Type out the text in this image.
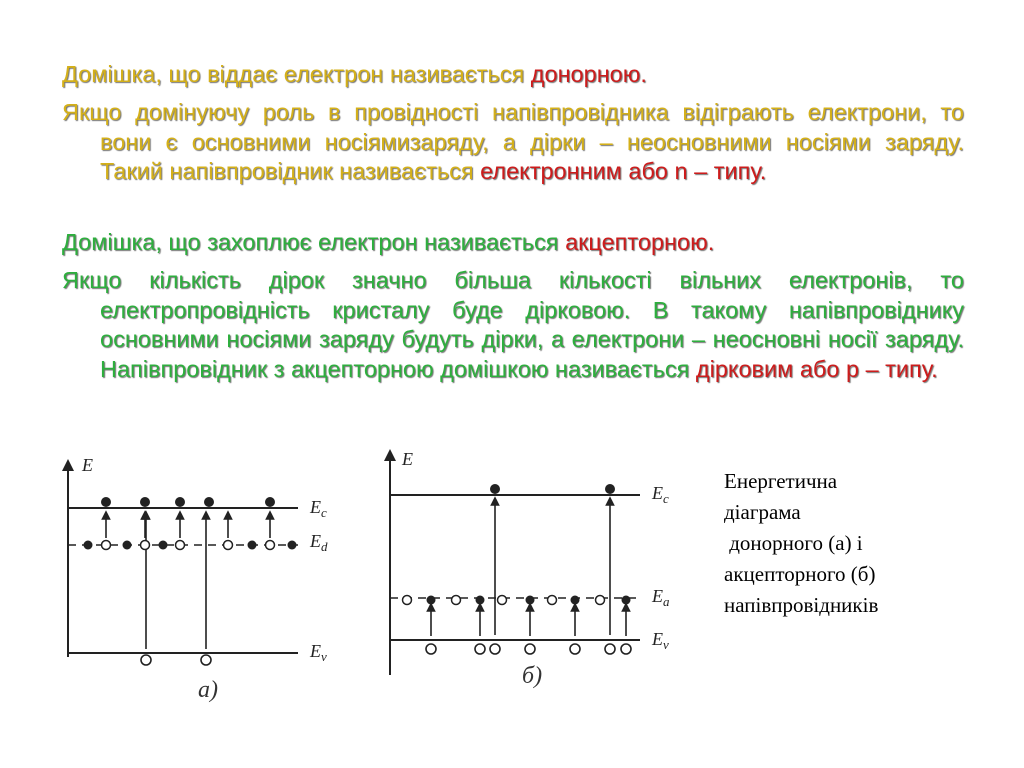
Домішка, що віддає електрон називається донорною.
Якщо домінуючу роль в провідності напівпровідника відіграють електрони, то вони є основними носіямизаряду, а дірки – неосновними носіями заряду. Такий напівпровідник називається електронним або n – типу.
Домішка, що захоплює електрон називається акцепторною.
Якщо кількість дірок значно більша кількості вільних електронів, то електропровідність кристалу буде дірковою. В такому напівпровіднику основними носіями заряду будуть дірки, а електрони – неосновні носії заряду. Напівпровідник з акцепторною домішкою називається дірковим або р – типу.
E
$E_c$
$E_d$
$E_v$
а)
E
$E_c$
$E_a$
$E_v$
б)
Енергетична
діаграма
донорного (а) і
акцепторного (б)
напівпровідників
